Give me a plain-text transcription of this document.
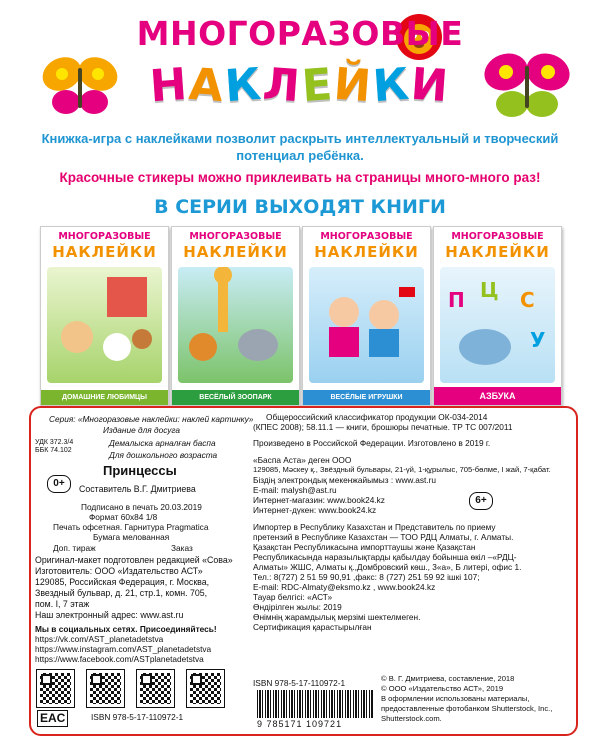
МНОГОРАЗОВЫЕ
НАКЛЕЙКИ
Книжка-игра с наклейками позволит раскрыть интеллектуальный и творческий потенциал ребёнка.
Красочные стикеры можно приклеивать на страницы много-много раз!
В СЕРИИ ВЫХОДЯТ КНИГИ
МНОГОРАЗОВЫЕ
НАКЛЕЙКИ
ДОМАШНИЕ ЛЮБИМЦЫ
МНОГОРАЗОВЫЕ
НАКЛЕЙКИ
ВЕСЁЛЫЙ ЗООПАРК
МНОГОРАЗОВЫЕ
НАКЛЕЙКИ
ВЕСЁЛЫЕ ИГРУШКИ
МНОГОРАЗОВЫЕ
НАКЛЕЙКИ
П Ц С
У
АЗБУКА
Серия: «Многоразовые наклейки: наклей картинку»
Издание для досуга
УДК 372.3/4
ББК 74.102
Демалыска арналған баспа
Для дошкольного возраста
0+
Принцессы
Составитель В.Г. Дмитриева
Подписано в печать 20.03.2019
Формат 60х84 1/8
Печать офсетная. Гарнитура Pragmatica
Бумага мелованная
Доп. тираж	Заказ
Оригинал-макет подготовлен редакцией «Сова»
Изготовитель: ООО «Издательство АСТ»
129085, Российская Федерация, г. Москва,
Звездный бульвар, д. 21, стр.1, комн. 705,
пом. I, 7 этаж
Наш электронный адрес: www.ast.ru
Мы в социальных сетях. Присоединяйтесь!
https://vk.com/AST_planetadetstva
https://www.instagram.com/AST_planetadetstva
https://www.facebook.com/ASTplanetadetstva
EAC	ISBN 978-5-17-110972-1
Общероссийский классификатор продукции ОК-034-2014
(КПЕС 2008); 58.11.1 — книги, брошюры печатные. ТР ТС 007/2011
Произведено в Российской Федерации. Изготовлено в 2019 г.
«Баспа Аста» деген ООО
129085, Мәскеу қ., Звёздный бульвары, 21-үй, 1-құрылыс, 705-бөлме, I жай, 7-қабат.
Біздің электрондық мекенжайымыз : www.ast.ru
E-mail: malysh@ast.ru
Интернет-магазин: www.book24.kz
Интернет-дүкен: www.book24.kz
6+
Импортер в Республику Казахстан и Представитель по приему
претензий в Республике Казахстан — ТОО РДЦ Алматы, г. Алматы.
Қазақстан Республикасына импорттаушы және Қазақстан
Республикасында наразылықтарды қабылдау бойынша өкіл –«РДЦ-
Алматы» ЖШС, Алматы қ.,Домбровский көш., 3«а», Б литері, офис 1.
Тел.: 8(727) 2 51 59 90,91 ,факс: 8 (727) 251 59 92 ішкі 107;
E-mail: RDC-Almaty@eksmo.kz , www.book24.kz
Тауар белгісі: «АСТ»
Өндірілген жылы: 2019
Өнімнің жарамдылық мерзімі шектелмеген.
Сертификация қарастырылған
ISBN 978-5-17-110972-1
9 785171 109721
© В. Г. Дмитриева, составление, 2018
© ООО «Издательство АСТ», 2019
В оформлении использованы материалы,
предоставленные фотобанком Shutterstock, Inc.,
Shutterstock.com.
